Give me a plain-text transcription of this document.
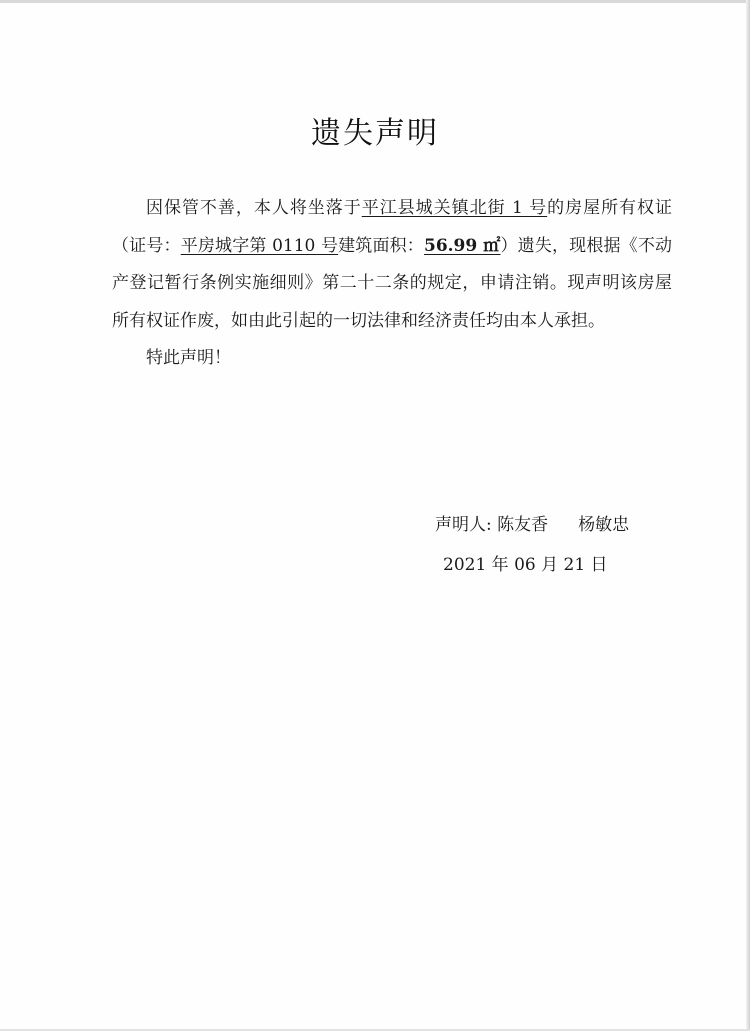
遗失声明

因保管不善，本人将坐落于平江县城关镇北街 1 号的房屋所有权证（证号：平房城字第 0110 号建筑面积：56.99 ㎡）遗失，现根据《不动产登记暂行条例实施细则》第二十二条的规定，申请注销。现声明该房屋所有权证作废，如由此引起的一切法律和经济责任均由本人承担。

特此声明！

声明人: 陈友香 杨敏忠
2021 年 06 月 21 日
